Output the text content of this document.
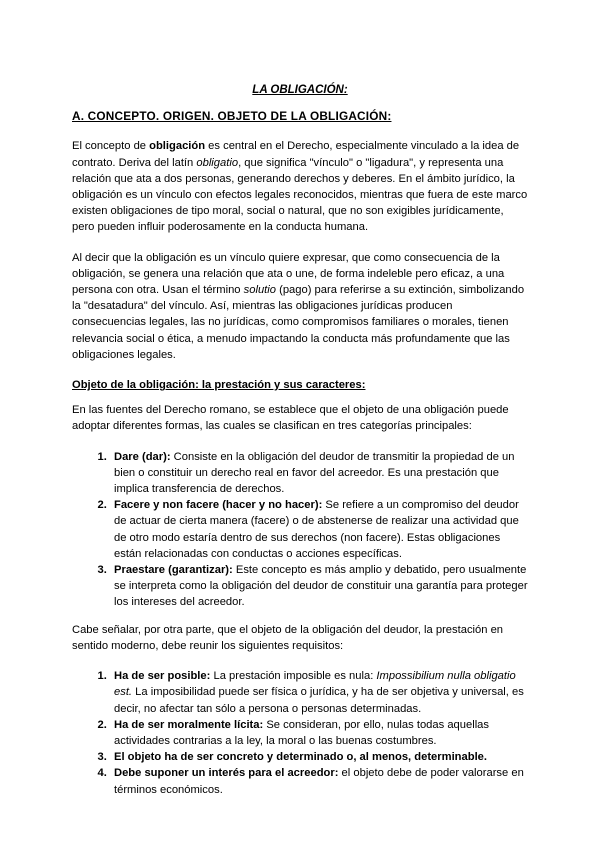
LA OBLIGACIÓN:
A. CONCEPTO. ORIGEN. OBJETO DE LA OBLIGACIÓN:

El concepto de obligación es central en el Derecho, especialmente vinculado a la idea de contrato. Deriva del latín obligatio, que significa "vínculo" o "ligadura", y representa una relación que ata a dos personas, generando derechos y deberes. En el ámbito jurídico, la obligación es un vínculo con efectos legales reconocidos, mientras que fuera de este marco existen obligaciones de tipo moral, social o natural, que no son exigibles jurídicamente, pero pueden influir poderosamente en la conducta humana.

Al decir que la obligación es un vínculo quiere expresar, que como consecuencia de la obligación, se genera una relación que ata o une, de forma indeleble pero eficaz, a una persona con otra. Usan el término solutio (pago) para referirse a su extinción, simbolizando la "desatadura" del vínculo. Así, mientras las obligaciones jurídicas producen consecuencias legales, las no jurídicas, como compromisos familiares o morales, tienen relevancia social o ética, a menudo impactando la conducta más profundamente que las obligaciones legales.

Objeto de la obligación: la prestación y sus caracteres:

En las fuentes del Derecho romano, se establece que el objeto de una obligación puede adoptar diferentes formas, las cuales se clasifican en tres categorías principales:

1. Dare (dar): Consiste en la obligación del deudor de transmitir la propiedad de un bien o constituir un derecho real en favor del acreedor. Es una prestación que implica transferencia de derechos.
2. Facere y non facere (hacer y no hacer): Se refiere a un compromiso del deudor de actuar de cierta manera (facere) o de abstenerse de realizar una actividad que de otro modo estaría dentro de sus derechos (non facere). Estas obligaciones están relacionadas con conductas o acciones específicas.
3. Praestare (garantizar): Este concepto es más amplio y debatido, pero usualmente se interpreta como la obligación del deudor de constituir una garantía para proteger los intereses del acreedor.

Cabe señalar, por otra parte, que el objeto de la obligación del deudor, la prestación en sentido moderno, debe reunir los siguientes requisitos:

1. Ha de ser posible: La prestación imposible es nula: Impossibilium nulla obligatio est. La imposibilidad puede ser física o jurídica, y ha de ser objetiva y universal, es decir, no afectar tan sólo a persona o personas determinadas.
2. Ha de ser moralmente lícita: Se consideran, por ello, nulas todas aquellas actividades contrarias a la ley, la moral o las buenas costumbres.
3. El objeto ha de ser concreto y determinado o, al menos, determinable.
4. Debe suponer un interés para el acreedor: el objeto debe de poder valorarse en términos económicos.
